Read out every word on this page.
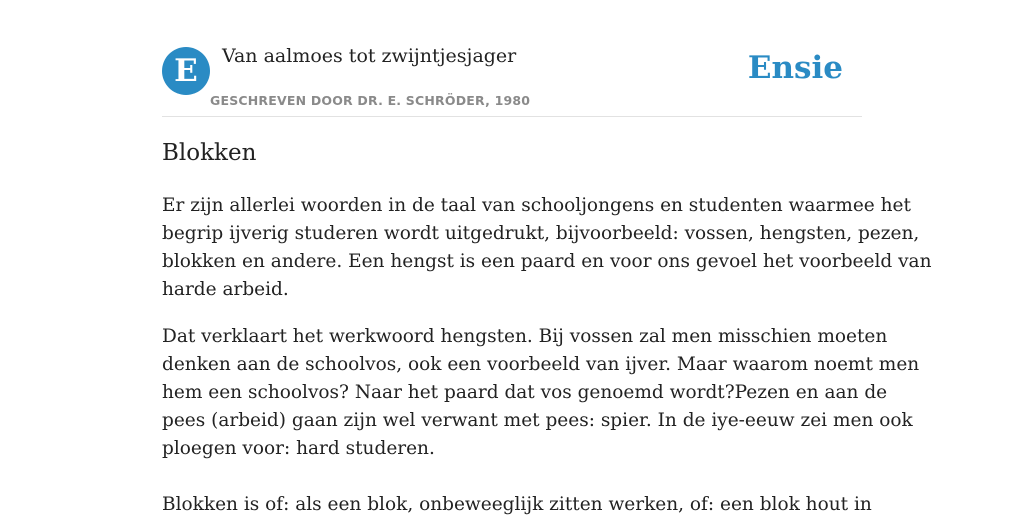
E	Van aalmoes tot zwijntjesjager
GESCHREVEN DOOR DR. E. SCHRÖDER, 1980
Ensie
Blokken

Er zijn allerlei woorden in de taal van schooljongens en studenten waarmee het
begrip ijverig studeren wordt uitgedrukt, bijvoorbeeld: vossen, hengsten, pezen,
blokken en andere. Een hengst is een paard en voor ons gevoel het voorbeeld van
harde arbeid.

Dat verklaart het werkwoord hengsten. Bij vossen zal men misschien moeten
denken aan de schoolvos, ook een voorbeeld van ijver. Maar waarom noemt men
hem een schoolvos? Naar het paard dat vos genoemd wordt?Pezen en aan de
pees (arbeid) gaan zijn wel verwant met pees: spier. In de iye-eeuw zei men ook
ploegen voor: hard studeren.

Blokken is of: als een blok, onbeweeglijk zitten werken, of: een blok hout in
